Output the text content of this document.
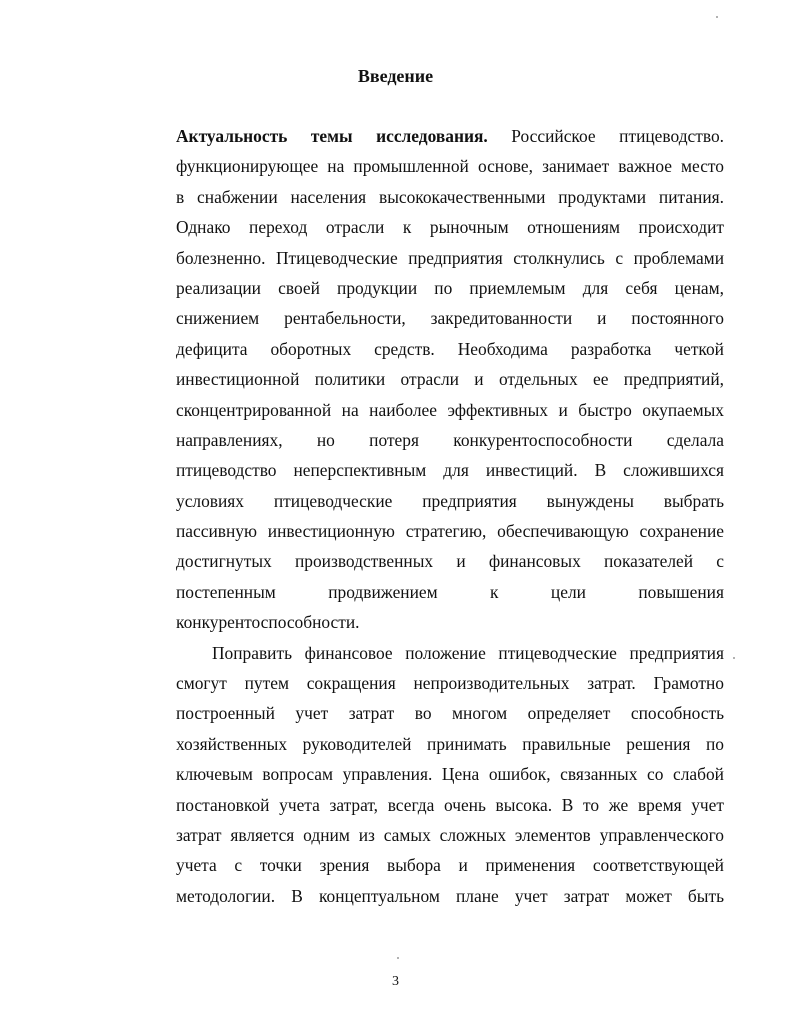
Введение
Актуальность темы исследования. Российское птицеводство.
функционирующее на промышленной основе, занимает важное место
в снабжении населения высококачественными продуктами питания.
Однако переход отрасли к рыночным отношениям происходит
болезненно. Птицеводческие предприятия столкнулись с проблемами
реализации своей продукции по приемлемым для себя ценам,
снижением рентабельности, закредитованности и постоянного
дефицита оборотных средств. Необходима разработка четкой
инвестиционной политики отрасли и отдельных ее предприятий,
сконцентрированной на наиболее эффективных и быстро окупаемых
направлениях, но потеря конкурентоспособности сделала
птицеводство неперспективным для инвестиций. В сложившихся
условиях птицеводческие предприятия вынуждены выбрать
пассивную инвестиционную стратегию, обеспечивающую сохранение
достигнутых производственных и финансовых показателей с
постепенным продвижением к цели повышения
конкурентоспособности.
Поправить финансовое положение птицеводческие предприятия
смогут путем сокращения непроизводительных затрат. Грамотно
построенный учет затрат во многом определяет способность
хозяйственных руководителей принимать правильные решения по
ключевым вопросам управления. Цена ошибок, связанных со слабой
постановкой учета затрат, всегда очень высока. В то же время учет
затрат является одним из самых сложных элементов управленческого
учета с точки зрения выбора и применения соответствующей
методологии. В концептуальном плане учет затрат может быть
3
